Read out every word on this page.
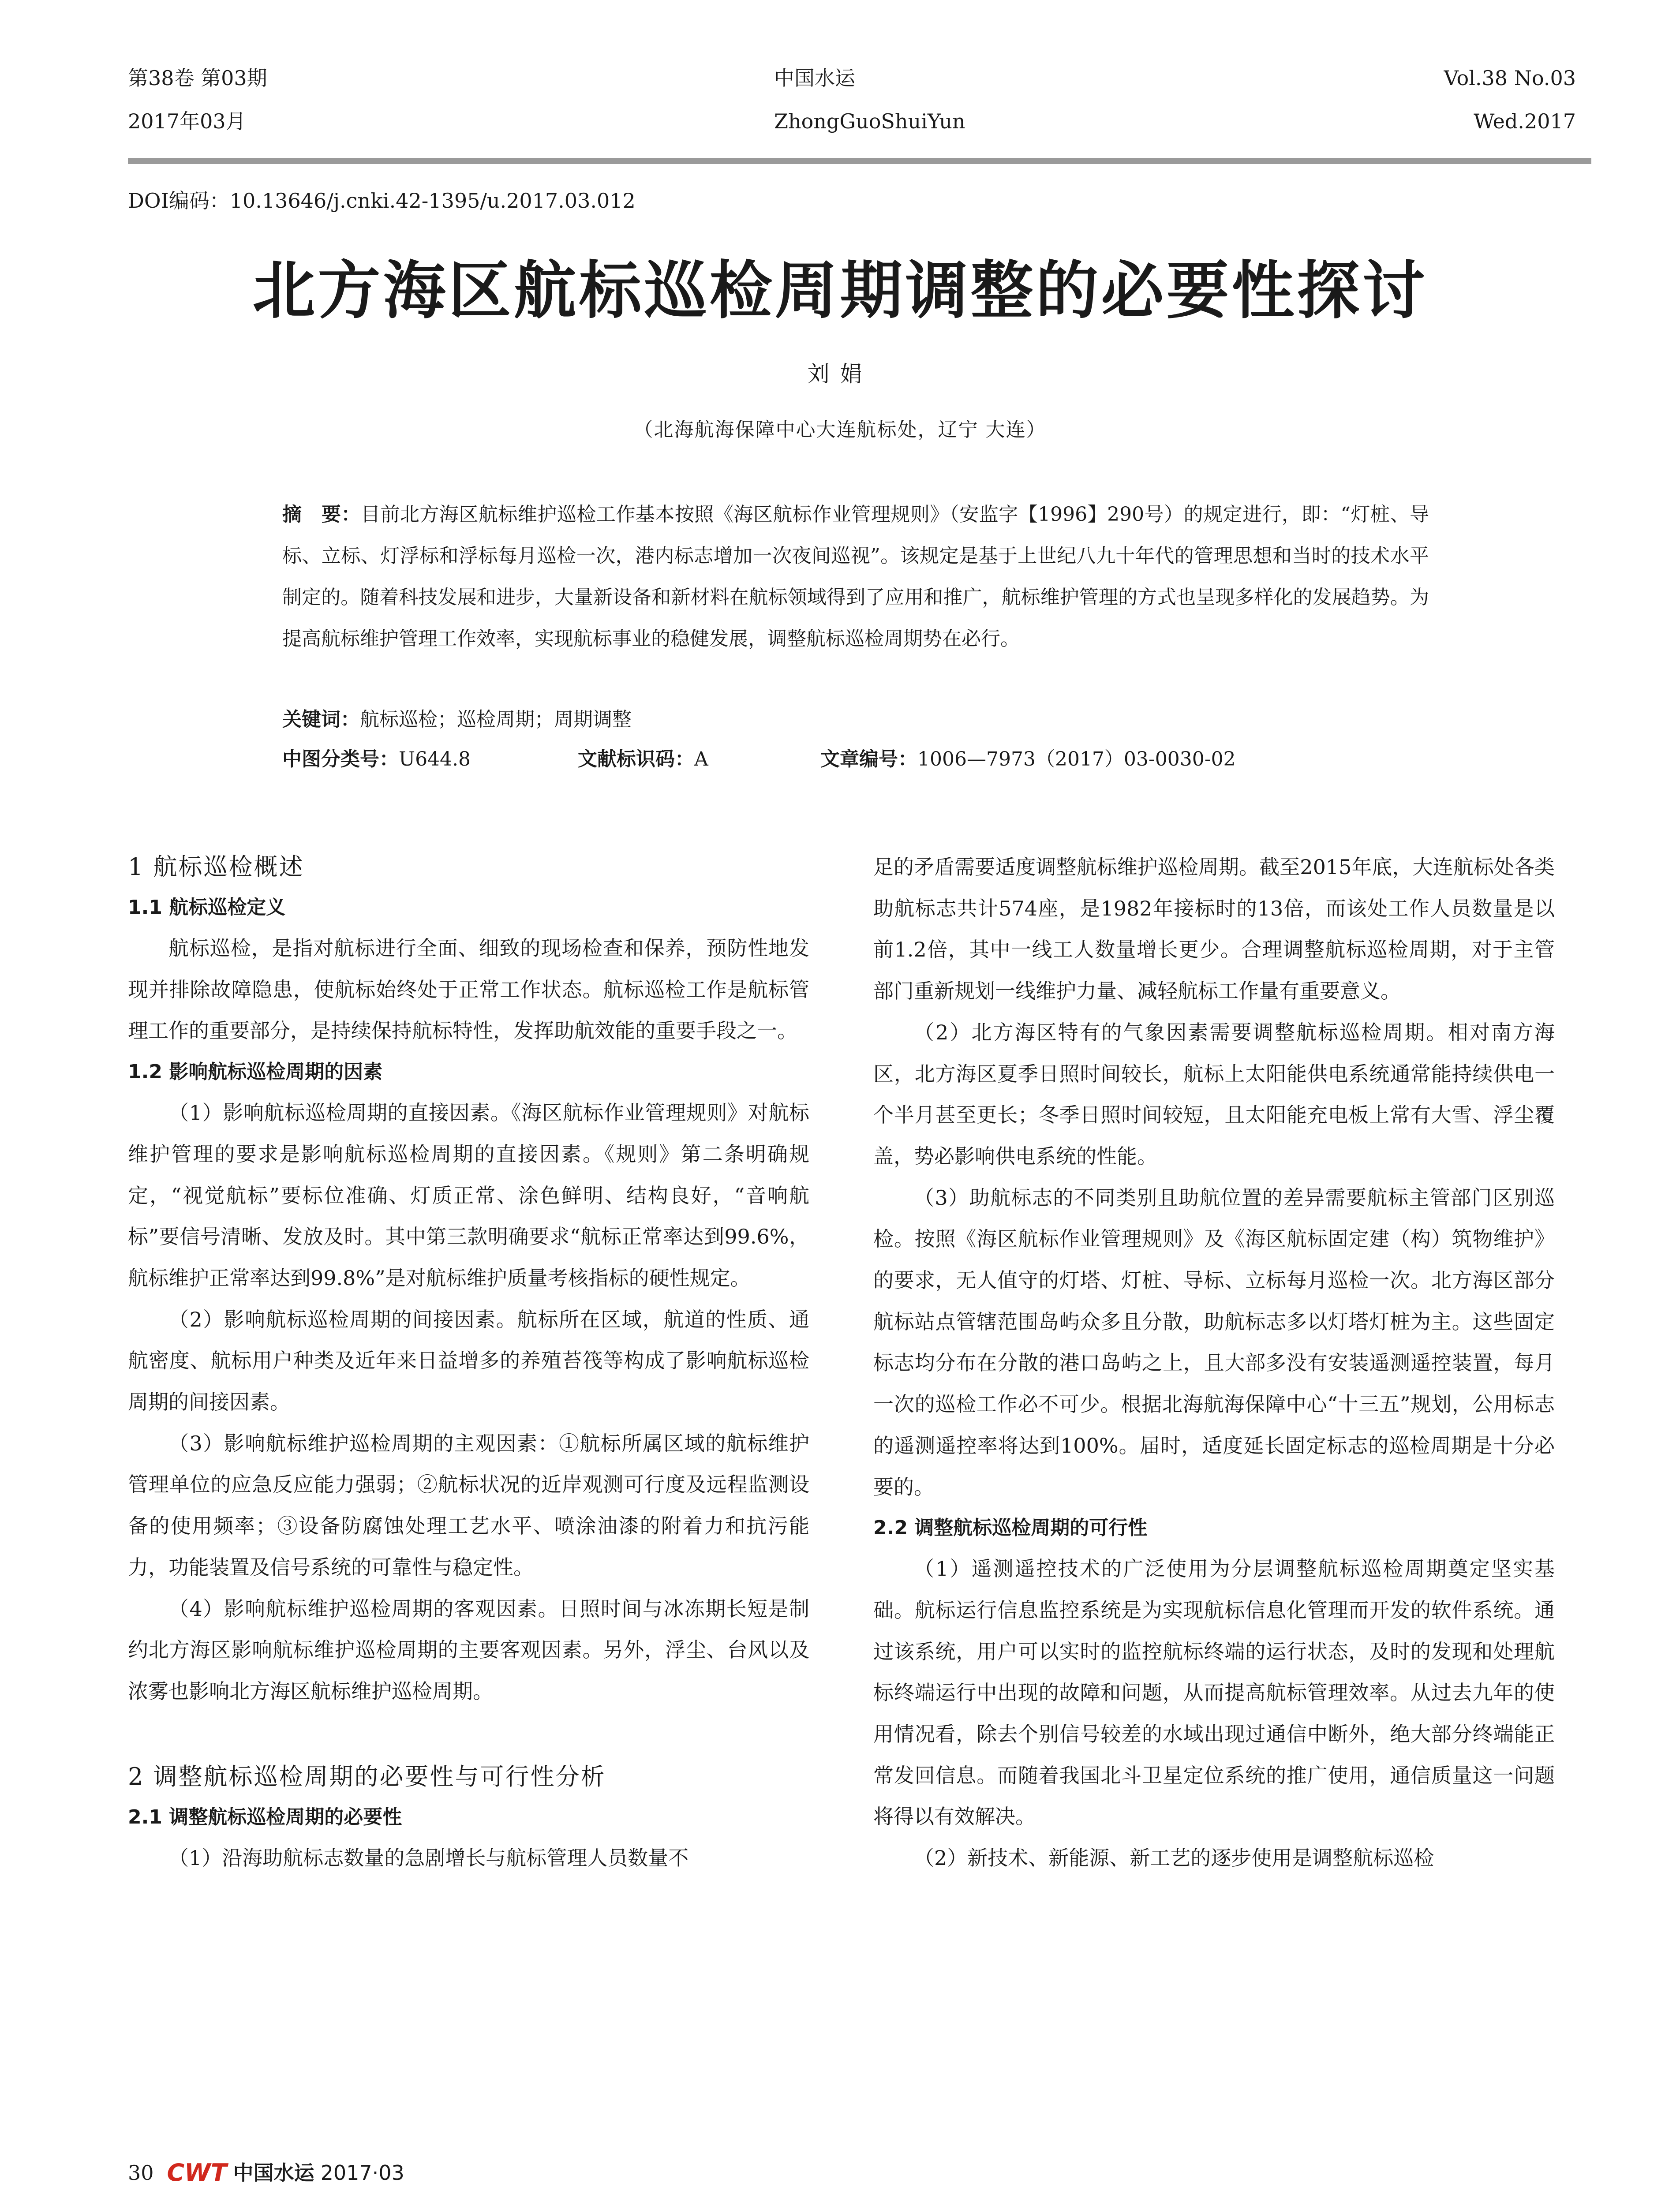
第38卷 第03期
2017年03月
中国水运
ZhongGuoShuiYun
Vol.38 No.03
Wed.2017
DOI编码：10.13646/j.cnki.42-1395/u.2017.03.012
北方海区航标巡检周期调整的必要性探讨
刘娟
（北海航海保障中心大连航标处，辽宁 大连）
摘　要：目前北方海区航标维护巡检工作基本按照《海区航标作业管理规则》（安监字【1996】290号）的规定进行，即：“灯桩、导标、立标、灯浮标和浮标每月巡检一次，港内标志增加一次夜间巡视”。该规定是基于上世纪八九十年代的管理思想和当时的技术水平制定的。随着科技发展和进步，大量新设备和新材料在航标领域得到了应用和推广，航标维护管理的方式也呈现多样化的发展趋势。为提高航标维护管理工作效率，实现航标事业的稳健发展，调整航标巡检周期势在必行。
关键词：航标巡检；巡检周期；周期调整
中图分类号：U644.8	文献标识码：A	文章编号：1006—7973（2017）03-0030-02
1 航标巡检概述
1.1 航标巡检定义

航标巡检，是指对航标进行全面、细致的现场检查和保养，预防性地发现并排除故障隐患，使航标始终处于正常工作状态。航标巡检工作是航标管理工作的重要部分，是持续保持航标特性，发挥助航效能的重要手段之一。

1.2 影响航标巡检周期的因素

（1）影响航标巡检周期的直接因素。《海区航标作业管理规则》对航标维护管理的要求是影响航标巡检周期的直接因素。《规则》第二条明确规定，“视觉航标”要标位准确、灯质正常、涂色鲜明、结构良好，“音响航标”要信号清晰、发放及时。其中第三款明确要求“航标正常率达到99.6%，航标维护正常率达到99.8%”是对航标维护质量考核指标的硬性规定。

（2）影响航标巡检周期的间接因素。航标所在区域，航道的性质、通航密度、航标用户种类及近年来日益增多的养殖苔筏等构成了影响航标巡检周期的间接因素。

（3）影响航标维护巡检周期的主观因素：①航标所属区域的航标维护管理单位的应急反应能力强弱；②航标状况的近岸观测可行度及远程监测设备的使用频率；③设备防腐蚀处理工艺水平、喷涂油漆的附着力和抗污能力，功能装置及信号系统的可靠性与稳定性。

（4）影响航标维护巡检周期的客观因素。日照时间与冰冻期长短是制约北方海区影响航标维护巡检周期的主要客观因素。另外，浮尘、台风以及浓雾也影响北方海区航标维护巡检周期。

2 调整航标巡检周期的必要性与可行性分析
2.1 调整航标巡检周期的必要性

（1）沿海助航标志数量的急剧增长与航标管理人员数量不

足的矛盾需要适度调整航标维护巡检周期。截至2015年底，大连航标处各类助航标志共计574座，是1982年接标时的13倍，而该处工作人员数量是以前1.2倍，其中一线工人数量增长更少。合理调整航标巡检周期，对于主管部门重新规划一线维护力量、减轻航标工作量有重要意义。

（2）北方海区特有的气象因素需要调整航标巡检周期。相对南方海区，北方海区夏季日照时间较长，航标上太阳能供电系统通常能持续供电一个半月甚至更长；冬季日照时间较短，且太阳能充电板上常有大雪、浮尘覆盖，势必影响供电系统的性能。

（3）助航标志的不同类别且助航位置的差异需要航标主管部门区别巡检。按照《海区航标作业管理规则》及《海区航标固定建（构）筑物维护》的要求，无人值守的灯塔、灯桩、导标、立标每月巡检一次。北方海区部分航标站点管辖范围岛屿众多且分散，助航标志多以灯塔灯桩为主。这些固定标志均分布在分散的港口岛屿之上，且大部多没有安装遥测遥控装置，每月一次的巡检工作必不可少。根据北海航海保障中心“十三五”规划，公用标志的遥测遥控率将达到100%。届时，适度延长固定标志的巡检周期是十分必要的。

2.2 调整航标巡检周期的可行性

（1）遥测遥控技术的广泛使用为分层调整航标巡检周期奠定坚实基础。航标运行信息监控系统是为实现航标信息化管理而开发的软件系统。通过该系统，用户可以实时的监控航标终端的运行状态，及时的发现和处理航标终端运行中出现的故障和问题，从而提高航标管理效率。从过去九年的使用情况看，除去个别信号较差的水域出现过通信中断外，绝大部分终端能正常发回信息。而随着我国北斗卫星定位系统的推广使用，通信质量这一问题将得以有效解决。

（2）新技术、新能源、新工艺的逐步使用是调整航标巡检

30 CWT 中国水运 2017·03
